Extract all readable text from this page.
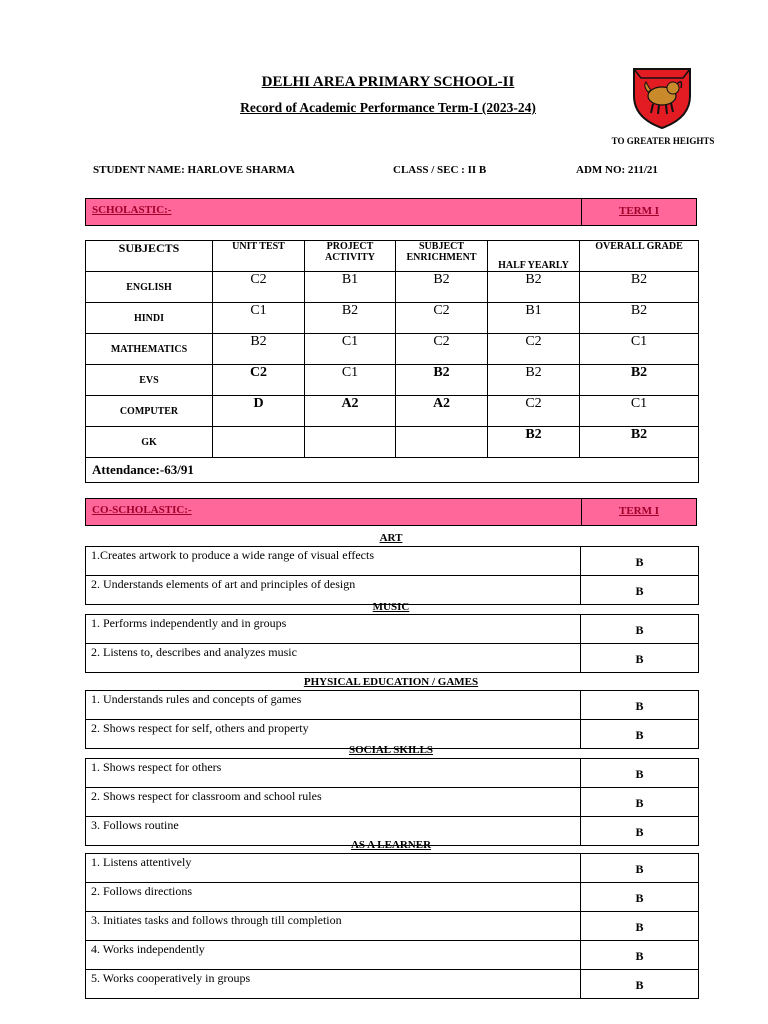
DELHI AREA PRIMARY SCHOOL-II
Record of Academic Performance Term-I (2023-24)
TO GREATER HEIGHTS
STUDENT NAME: HARLOVE SHARMA	CLASS / SEC : II B	ADM NO: 211/21
SCHOLASTIC:-	TERM I
SUBJECTS	UNIT TEST	PROJECT ACTIVITY	SUBJECT ENRICHMENT	HALF YEARLY	OVERALL GRADE
ENGLISH	C2	B1	B2	B2	B2
HINDI	C1	B2	C2	B1	B2
MATHEMATICS	B2	C1	C2	C2	C1
EVS	C2	C1	B2	B2	B2
COMPUTER	D	A2	A2	C2	C1
GK				B2	B2
Attendance:-63/91					
CO-SCHOLASTIC:-	TERM I
ART
1.Creates artwork to produce a wide range of visual effects	B
2. Understands elements of art and principles of design	B
MUSIC
1. Performs independently and in groups	B
2. Listens to, describes and analyzes music	B
PHYSICAL EDUCATION / GAMES
1. Understands rules and concepts of games	B
2. Shows respect for self, others and property	B
SOCIAL SKILLS
1. Shows respect for others	B
2. Shows respect for classroom and school rules	B
3. Follows routine	B
AS A LEARNER
1. Listens attentively	B
2. Follows directions	B
3. Initiates tasks and follows through till completion	B
4. Works independently	B
5. Works cooperatively in groups	B
